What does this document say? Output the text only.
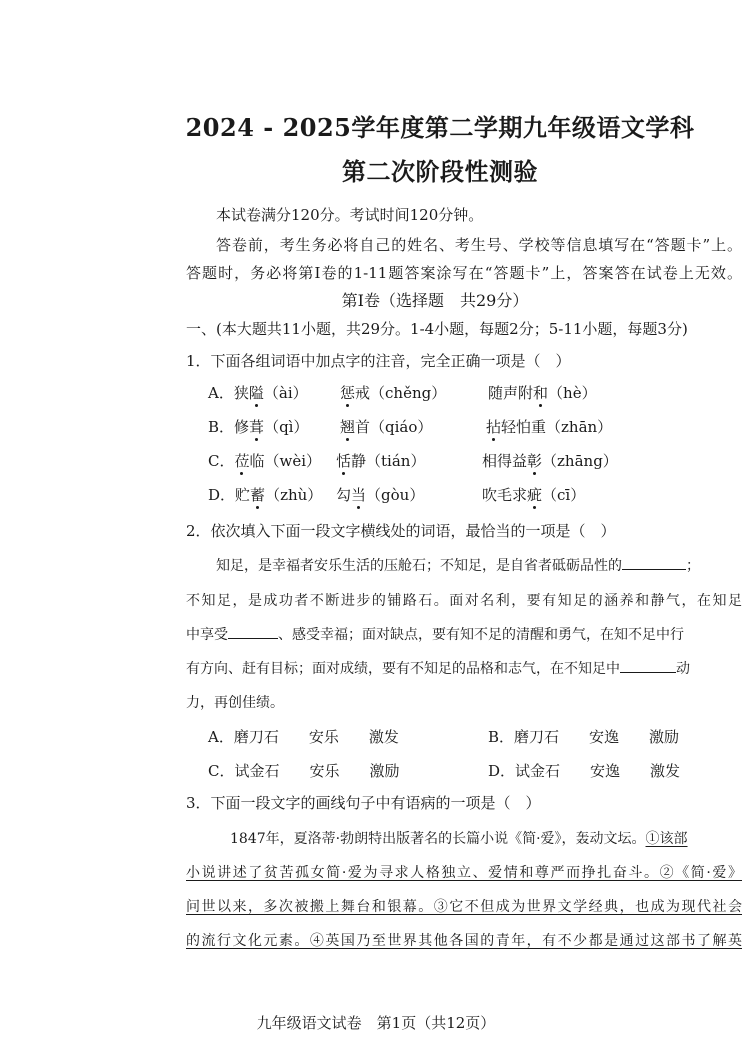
2024 - 2025学年度第二学期九年级语文学科
第二次阶段性测验
本试卷满分120分。考试时间120分钟。
答卷前，考生务必将自己的姓名、考生号、学校等信息填写在“答题卡”上。
答题时，务必将第Ⅰ卷的1-11题答案涂写在“答题卡”上，答案答在试卷上无效。
第Ⅰ卷（选择题　共29分）
一、(本大题共11小题，共29分。1-4小题，每题2分；5-11小题，每题3分)
1．下面各组词语中加点字的注音，完全正确一项是（　）
A．狭隘（ài） 惩戒（chěng）	随声附和（hè）
B．修葺（qì） 翘首（qiáo）	拈轻怕重（zhān）
C．莅临（wèi） 恬静（tián）	相得益彰（zhāng）
D．贮蓄（zhù） 勾当（gòu）	吹毛求疵（cī）
2．依次填入下面一段文字横线处的词语，最恰当的一项是（　）
知足，是幸福者安乐生活的压舱石；不知足，是自省者砥砺品性的	；
不知足，是成功者不断进步的铺路石。面对名利，要有知足的涵养和静气，在知足
中享受	、感受幸福；面对缺点，要有知不足的清醒和勇气，在知不足中行
有方向、赶有目标；面对成绩，要有不知足的品格和志气，在不知足中	动
力，再创佳绩。
A．磨刀石　　安乐　　激发	B．磨刀石　　安逸　　激励
C．试金石　　安乐　　激励	D．试金石　　安逸　　激发
3．下面一段文字的画线句子中有语病的一项是（　）
1847年，夏洛蒂·勃朗特出版著名的长篇小说《简·爱》，轰动文坛。①该部
小说讲述了贫苦孤女简·爱为寻求人格独立、爱情和尊严而挣扎奋斗。②《简·爱》
问世以来，多次被搬上舞台和银幕。③它不但成为世界文学经典，也成为现代社会
的流行文化元素。④英国乃至世界其他各国的青年，有不少都是通过这部书了解英
九年级语文试卷　第1页（共12页）
